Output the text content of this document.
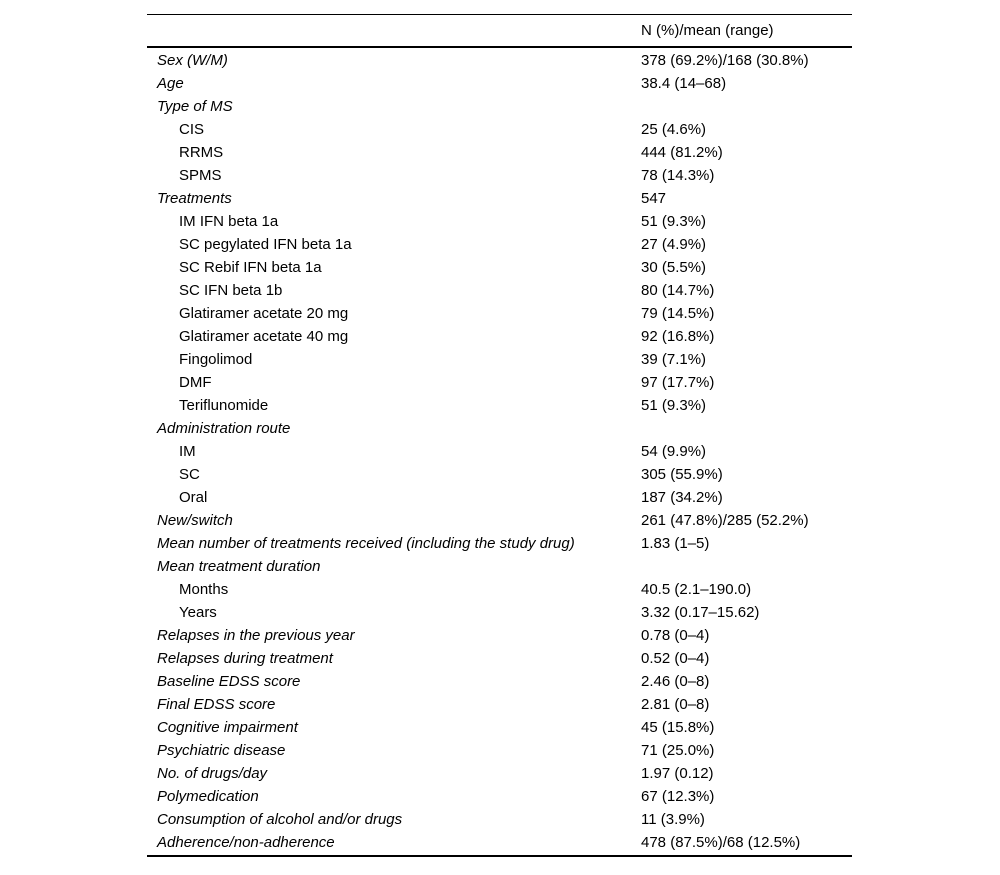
N (%)/mean (range)
Sex (W/M)	378 (69.2%)/168 (30.8%)
Age	38.4 (14–68)
Type of MS
CIS	25 (4.6%)
RRMS	444 (81.2%)
SPMS	78 (14.3%)
Treatments	547
IM IFN beta 1a	51 (9.3%)
SC pegylated IFN beta 1a	27 (4.9%)
SC Rebif IFN beta 1a	30 (5.5%)
SC IFN beta 1b	80 (14.7%)
Glatiramer acetate 20 mg	79 (14.5%)
Glatiramer acetate 40 mg	92 (16.8%)
Fingolimod	39 (7.1%)
DMF	97 (17.7%)
Teriflunomide	51 (9.3%)
Administration route
IM	54 (9.9%)
SC	305 (55.9%)
Oral	187 (34.2%)
New/switch	261 (47.8%)/285 (52.2%)
Mean number of treatments received (including the study drug)	1.83 (1–5)
Mean treatment duration
Months	40.5 (2.1–190.0)
Years	3.32 (0.17–15.62)
Relapses in the previous year	0.78 (0–4)
Relapses during treatment	0.52 (0–4)
Baseline EDSS score	2.46 (0–8)
Final EDSS score	2.81 (0–8)
Cognitive impairment	45 (15.8%)
Psychiatric disease	71 (25.0%)
No. of drugs/day	1.97 (0.12)
Polymedication	67 (12.3%)
Consumption of alcohol and/or drugs	11 (3.9%)
Adherence/non-adherence	478 (87.5%)/68 (12.5%)
